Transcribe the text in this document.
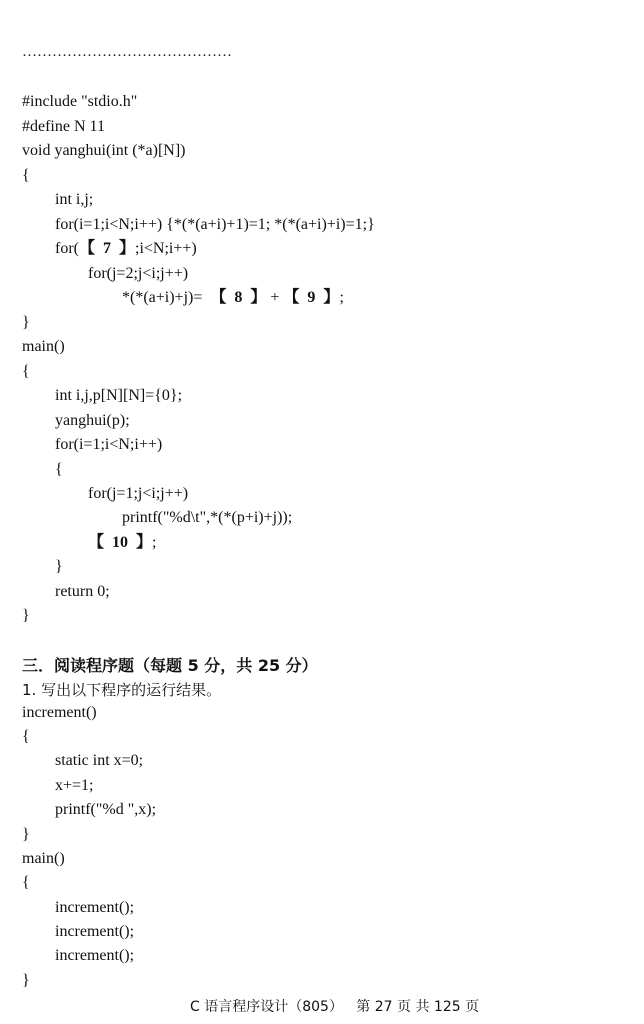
……………………………………
#include "stdio.h"
#define N 11
void yanghui(int (*a)[N])
{
int i,j;
for(i=1;i<N;i++) {*(*(a+i)+1)=1; *(*(a+i)+i)=1;}
for(【  7  】;i<N;i++)
for(j=2;j<i;j++)
*(*(a+i)+j)= 【  8  】 + 【  9  】;
}
main()
{
int i,j,p[N][N]={0};
yanghui(p);
for(i=1;i<N;i++)
{
for(j=1;j<i;j++)
printf("%d\t",*(*(p+i)+j));
【  10  】;
}
return 0;
}
三．阅读程序题（每题 5 分，共 25 分）
1. 写出以下程序的运行结果。
increment()
{
static int x=0;
x+=1;
printf("%d ",x);
}
main()
{
increment();
increment();
increment();
}
C 语言程序设计（805）   第 27 页 共 125 页
